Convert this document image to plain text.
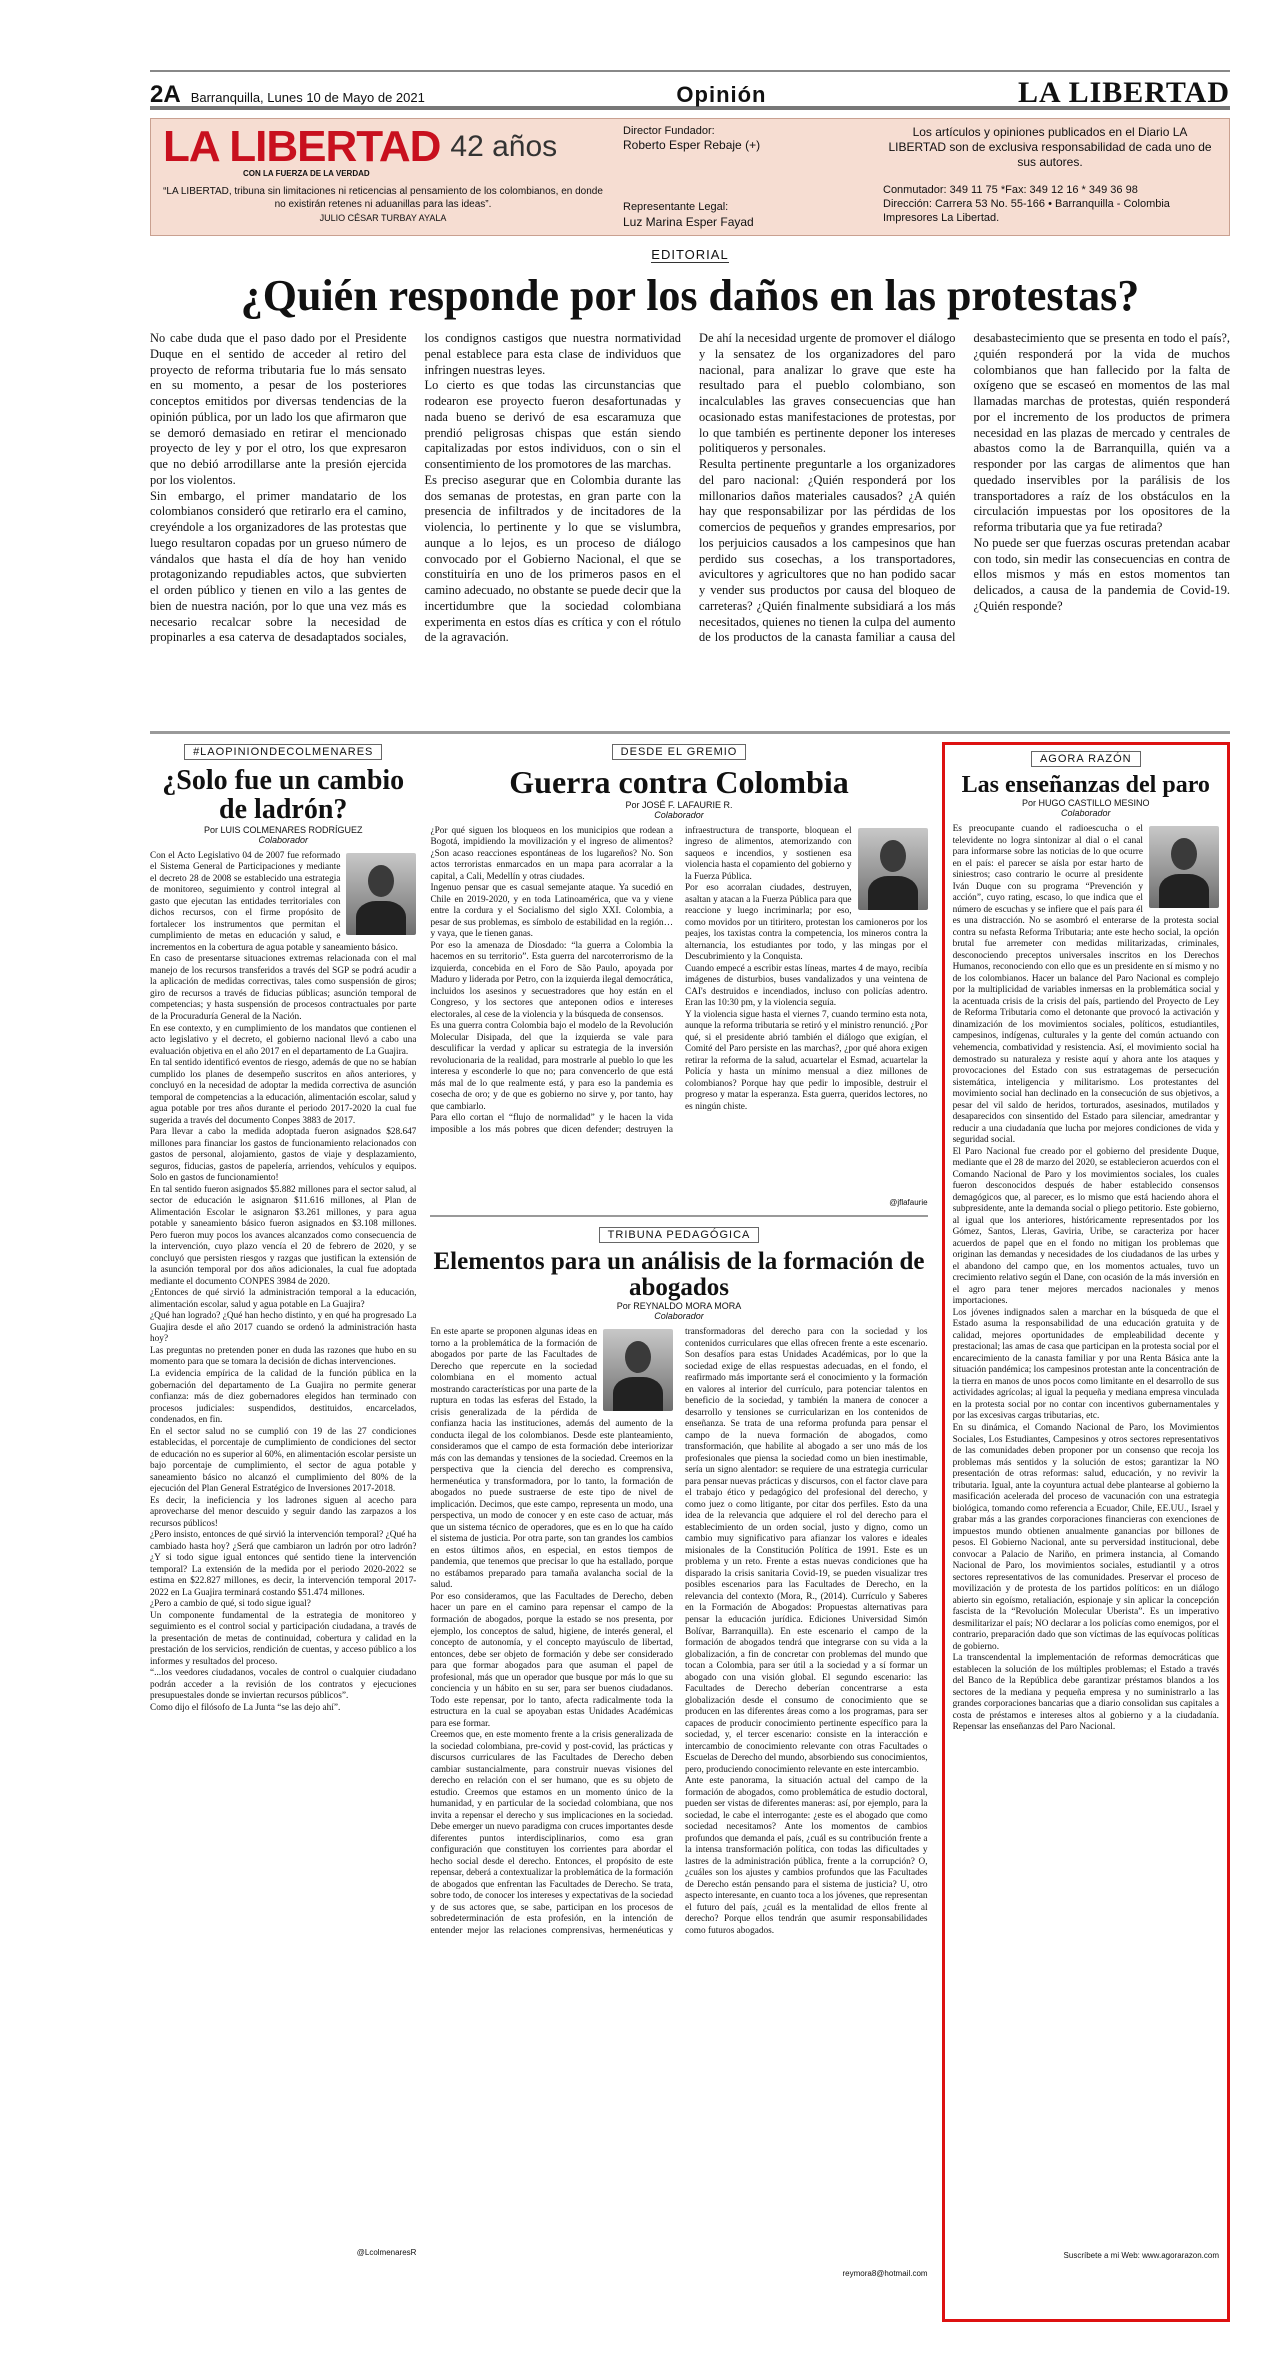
2A Barranquilla, Lunes 10 de Mayo de 2021	Opinión	LA LIBERTAD
LA LIBERTAD 42 años
CON LA FUERZA DE LA VERDAD
“LA LIBERTAD, tribuna sin limitaciones ni reticencias al pensamiento de los colombianos, en donde no existirán retenes ni aduanillas para las ideas”.
JULIO CÉSAR TURBAY AYALA
Director Fundador:
Roberto Esper Rebaje (+)
Representante Legal:
Luz Marina Esper Fayad
Los artículos y opiniones publicados en el Diario LA LIBERTAD son de exclusiva responsabilidad de cada uno de sus autores.
Conmutador: 349 11 75 *Fax: 349 12 16 * 349 36 98
Dirección: Carrera 53 No. 55-166 • Barranquilla - Colombia
Impresores La Libertad.
EDITORIAL
¿Quién responde por los daños en las protestas?

No cabe duda que el paso dado por el Presidente Duque en el sentido de acceder al retiro del proyecto de reforma tributaria fue lo más sensato en su momento, a pesar de los posteriores conceptos emitidos por diversas tendencias de la opinión pública, por un lado los que afirmaron que se demoró demasiado en retirar el mencionado proyecto de ley y por el otro, los que expresaron que no debió arrodillarse ante la presión ejercida por los violentos.

Sin embargo, el primer mandatario de los colombianos consideró que retirarlo era el camino, creyéndole a los organizadores de las protestas que luego resultaron copadas por un grueso número de vándalos que hasta el día de hoy han venido protagonizando repudiables actos, que subvierten el orden público y tienen en vilo a las gentes de bien de nuestra nación, por lo que una vez más es necesario recalcar sobre la necesidad de propinarles a esa caterva de desadaptados sociales, los condignos castigos que nuestra normatividad penal establece para esta clase de individuos que infringen nuestras leyes.

Lo cierto es que todas las circunstancias que rodearon ese proyecto fueron desafortunadas y nada bueno se derivó de esa escaramuza que prendió peligrosas chispas que están siendo capitalizadas por estos individuos, con o sin el consentimiento de los promotores de las marchas.

Es preciso asegurar que en Colombia durante las dos semanas de protestas, en gran parte con la presencia de infiltrados y de incitadores de la violencia, lo pertinente y lo que se vislumbra, aunque a lo lejos, es un proceso de diálogo convocado por el Gobierno Nacional, el que se constituiría en uno de los primeros pasos en el camino adecuado, no obstante se puede decir que la incertidumbre que la sociedad colombiana experimenta en estos días es crítica y con el rótulo de la agravación.

De ahí la necesidad urgente de promover el diálogo y la sensatez de los organizadores del paro nacional, para analizar lo grave que este ha resultado para el pueblo colombiano, son incalculables las graves consecuencias que han ocasionado estas manifestaciones de protestas, por lo que también es pertinente deponer los intereses politiqueros y personales.

Resulta pertinente preguntarle a los organizadores del paro nacional: ¿Quién responderá por los millonarios daños materiales causados? ¿A quién hay que responsabilizar por las pérdidas de los comercios de pequeños y grandes empresarios, por los perjuicios causados a los campesinos que han perdido sus cosechas, a los transportadores, avicultores y agricultores que no han podido sacar y vender sus productos por causa del bloqueo de carreteras? ¿Quién finalmente subsidiará a los más necesitados, quienes no tienen la culpa del aumento de los productos de la canasta familiar a causa del desabastecimiento que se presenta en todo el país?, ¿quién responderá por la vida de muchos colombianos que han fallecido por la falta de oxígeno que se escaseó en momentos de las mal llamadas marchas de protestas, quién responderá por el incremento de los productos de primera necesidad en las plazas de mercado y centrales de abastos como la de Barranquilla, quién va a responder por las cargas de alimentos que han quedado inservibles por la parálisis de los transportadores a raíz de los obstáculos en la circulación impuestas por los opositores de la reforma tributaria que ya fue retirada?

No puede ser que fuerzas oscuras pretendan acabar con todo, sin medir las consecuencias en contra de ellos mismos y más en estos momentos tan delicados, a causa de la pandemia de Covid-19. ¿Quién responde?

#LAOPINIONDECOLMENARES
¿Solo fue un cambio de ladrón?
Por LUIS COLMENARES RODRÍGUEZ
Colaborador

Con el Acto Legislativo 04 de 2007 fue reformado el Sistema General de Participaciones y mediante el decreto 28 de 2008 se establecido una estrategia de monitoreo, seguimiento y control integral al gasto que ejecutan las entidades territoriales con dichos recursos, con el firme propósito de fortalecer los instrumentos que permitan el cumplimiento de metas en educación y salud, e incrementos en la cobertura de agua potable y saneamiento básico.

En caso de presentarse situaciones extremas relacionada con el mal manejo de los recursos transferidos a través del SGP se podrá acudir a la aplicación de medidas correctivas, tales como suspensión de giros; giro de recursos a través de fiducias públicas; asunción temporal de competencias; y hasta suspensión de procesos contractuales por parte de la Procuraduría General de la Nación.

En ese contexto, y en cumplimiento de los mandatos que contienen el acto legislativo y el decreto, el gobierno nacional llevó a cabo una evaluación objetiva en el año 2017 en el departamento de La Guajira.

En tal sentido identificó eventos de riesgo, además de que no se habían cumplido los planes de desempeño suscritos en años anteriores, y concluyó en la necesidad de adoptar la medida correctiva de asunción temporal de competencias a la educación, alimentación escolar, salud y agua potable por tres años durante el periodo 2017-2020 la cual fue sugerida a través del documento Conpes 3883 de 2017.

Para llevar a cabo la medida adoptada fueron asignados $28.647 millones para financiar los gastos de funcionamiento relacionados con gastos de personal, alojamiento, gastos de viaje y desplazamiento, seguros, fiducias, gastos de papelería, arriendos, vehículos y equipos. Solo en gastos de funcionamiento!

En tal sentido fueron asignados $5.882 millones para el sector salud, al sector de educación le asignaron $11.616 millones, al Plan de Alimentación Escolar le asignaron $3.261 millones, y para agua potable y saneamiento básico fueron asignados en $3.108 millones. Pero fueron muy pocos los avances alcanzados como consecuencia de la intervención, cuyo plazo vencía el 20 de febrero de 2020, y se concluyó que persisten riesgos y razgas que justifican la extensión de la asunción temporal por dos años adicionales, la cual fue adoptada mediante el documento CONPES 3984 de 2020.

¿Entonces de qué sirvió la administración temporal a la educación, alimentación escolar, salud y agua potable en La Guajira?

¿Qué han logrado? ¿Qué han hecho distinto, y en qué ha progresado La Guajira desde el año 2017 cuando se ordenó la administración hasta hoy?

Las preguntas no pretenden poner en duda las razones que hubo en su momento para que se tomara la decisión de dichas intervenciones.

La evidencia empírica de la calidad de la función pública en la gobernación del departamento de La Guajira no permite generar confianza: más de diez gobernadores elegidos han terminado con procesos judiciales: suspendidos, destituidos, encarcelados, condenados, en fin.

En el sector salud no se cumplió con 19 de las 27 condiciones establecidas, el porcentaje de cumplimiento de condiciones del sector de educación no es superior al 60%, en alimentación escolar persiste un bajo porcentaje de cumplimiento, el sector de agua potable y saneamiento básico no alcanzó el cumplimiento del 80% de la ejecución del Plan General Estratégico de Inversiones 2017-2018.

Es decir, la ineficiencia y los ladrones siguen al acecho para aprovecharse del menor descuido y seguir dando las zarpazos a los recursos públicos!

¿Pero insisto, entonces de qué sirvió la intervención temporal? ¿Qué ha cambiado hasta hoy? ¿Será que cambiaron un ladrón por otro ladrón? ¿Y si todo sigue igual entonces qué sentido tiene la intervención temporal? La extensión de la medida por el periodo 2020-2022 se estima en $22.827 millones, es decir, la intervención temporal 2017-2022 en La Guajira terminará costando $51.474 millones.

¿Pero a cambio de qué, si todo sigue igual?

Un componente fundamental de la estrategia de monitoreo y seguimiento es el control social y participación ciudadana, a través de la presentación de metas de continuidad, cobertura y calidad en la prestación de los servicios, rendición de cuentas, y acceso público a los informes y resultados del proceso.

“...los veedores ciudadanos, vocales de control o cualquier ciudadano podrán acceder a la revisión de los contratos y ejecuciones presupuestales donde se inviertan recursos públicos”.

Como dijo el filósofo de La Junta “se las dejo ahí”.

@LcolmenaresR
DESDE EL GREMIO
Guerra contra Colombia
Por JOSÉ F. LAFAURIE R.
Colaborador

¿Por qué siguen los bloqueos en los municipios que rodean a Bogotá, impidiendo la movilización y el ingreso de alimentos? ¿Son acaso reacciones espontáneas de los lugareños? No. Son actos terroristas enmarcados en un mapa para acorralar a la capital, a Cali, Medellín y otras ciudades.

Ingenuo pensar que es casual semejante ataque. Ya sucedió en Chile en 2019-2020, y en toda Latinoamérica, que va y viene entre la cordura y el Socialismo del siglo XXI. Colombia, a pesar de sus problemas, es símbolo de estabilidad en la región… y vaya, que le tienen ganas.

Por eso la amenaza de Diosdado: “la guerra a Colombia la hacemos en su territorio”. Esta guerra del narcoterrorismo de la izquierda, concebida en el Foro de São Paulo, apoyada por Maduro y liderada por Petro, con la izquierda ilegal democrática, incluidos los asesinos y secuestradores que hoy están en el Congreso, y los sectores que anteponen odios e intereses electorales, al cese de la violencia y la búsqueda de consensos.

Es una guerra contra Colombia bajo el modelo de la Revolución Molecular Disipada, del que la izquierda se vale para desculificar la verdad y aplicar su estrategia de la inversión revolucionaria de la realidad, para mostrarle al pueblo lo que les interesa y esconderle lo que no; para convencerlo de que está más mal de lo que realmente está, y para eso la pandemia es cosecha de oro; y de que es gobierno no sirve y, por tanto, hay que cambiarlo.

Para ello cortan el “flujo de normalidad” y le hacen la vida imposible a los más pobres que dicen defender; destruyen la infraestructura de transporte, bloquean el ingreso de alimentos, atemorizando con saqueos e incendios, y sostienen esa violencia hasta el copamiento del gobierno y la Fuerza Pública.

Por eso acorralan ciudades, destruyen, asaltan y atacan a la Fuerza Pública para que reaccione y luego incriminarla; por eso, como movidos por un titiritero, protestan los camioneros por los peajes, los taxistas contra la competencia, los mineros contra la alternancia, los estudiantes por todo, y las mingas por el Descubrimiento y la Conquista.

Cuando empecé a escribir estas líneas, martes 4 de mayo, recibía imágenes de disturbios, buses vandalizados y una veintena de CAI's destruidos e incendiados, incluso con policías adentro. Eran las 10:30 pm, y la violencia seguía.

Y la violencia sigue hasta el viernes 7, cuando termino esta nota, aunque la reforma tributaria se retiró y el ministro renunció. ¿Por qué, si el presidente abrió también el diálogo que exigían, el Comité del Paro persiste en las marchas?, ¿por qué ahora exigen retirar la reforma de la salud, acuartelar el Esmad, acuartelar la Policía y hasta un mínimo mensual a diez millones de colombianos? Porque hay que pedir lo imposible, destruir el progreso y matar la esperanza. Esta guerra, queridos lectores, no es ningún chiste.

@jflafaurie
TRIBUNA PEDAGÓGICA
Elementos para un análisis de la formación de abogados
Por REYNALDO MORA MORA
Colaborador

En este aparte se proponen algunas ideas en torno a la problemática de la formación de abogados por parte de las Facultades de Derecho que repercute en la sociedad colombiana en el momento actual mostrando características por una parte de la ruptura en todas las esferas del Estado, la crisis generalizada de la pérdida de confianza hacia las instituciones, además del aumento de la conducta ilegal de los colombianos. Desde este planteamiento, consideramos que el campo de esta formación debe interiorizar más con las demandas y tensiones de la sociedad. Creemos en la perspectiva que la ciencia del derecho es comprensiva, hermenéutica y transformadora, por lo tanto, la formación de abogados no puede sustraerse de este tipo de nivel de implicación. Decimos, que este campo, representa un modo, una perspectiva, un modo de conocer y en este caso de actuar, más que un sistema técnico de operadores, que es en lo que ha caído el sistema de justicia. Por otra parte, son tan grandes los cambios en estos últimos años, en especial, en estos tiempos de pandemia, que tenemos que precisar lo que ha estallado, porque no estábamos preparado para tamaña avalancha social de la salud.

Por eso consideramos, que las Facultades de Derecho, deben hacer un pare en el camino para repensar el campo de la formación de abogados, porque la estado se nos presenta, por ejemplo, los conceptos de salud, higiene, de interés general, el concepto de autonomía, y el concepto mayúsculo de libertad, entonces, debe ser objeto de formación y debe ser considerado para que formar abogados para que asuman el papel de profesional, más que un operador que busque por más lo que su conciencia y un hábito en su ser, para ser buenos ciudadanos. Todo este repensar, por lo tanto, afecta radicalmente toda la estructura en la cual se apoyaban estas Unidades Académicas para ese formar.

Creemos que, en este momento frente a la crisis generalizada de la sociedad colombiana, pre-covid y post-covid, las prácticas y discursos curriculares de las Facultades de Derecho deben cambiar sustancialmente, para construir nuevas visiones del derecho en relación con el ser humano, que es su objeto de estudio. Creemos que estamos en un momento único de la humanidad, y en particular de la sociedad colombiana, que nos invita a repensar el derecho y sus implicaciones en la sociedad. Debe emerger un nuevo paradigma con cruces importantes desde diferentes puntos interdisciplinarios, como esa gran configuración que constituyen los corrientes para abordar el hecho social desde el derecho. Entonces, el propósito de este repensar, deberá a contextualizar la problemática de la formación de abogados que enfrentan las Facultades de Derecho. Se trata, sobre todo, de conocer los intereses y expectativas de la sociedad y de sus actores que, se sabe, participan en los procesos de sobredeterminación de esta profesión, en la intención de entender mejor las relaciones comprensivas, hermenéuticas y transformadoras del derecho para con la sociedad y los contenidos curriculares que ellas ofrecen frente a este escenario. Son desafíos para estas Unidades Académicas, por lo que la sociedad exige de ellas respuestas adecuadas, en el fondo, el reafirmado más importante será el conocimiento y la formación en valores al interior del currículo, para potenciar talentos en beneficio de la sociedad, y también la manera de conocer a desarrollo y tensiones se curricularizan en los contenidos de enseñanza. Se trata de una reforma profunda para pensar el campo de la nueva formación de abogados, como transformación, que habilite al abogado a ser uno más de los profesionales que piensa la sociedad como un bien inestimable, sería un signo alentador: se requiere de una estrategia curricular para pensar nuevas prácticas y discursos, con el factor clave para el trabajo ético y pedagógico del profesional del derecho, y como juez o como litigante, por citar dos perfiles. Esto da una idea de la relevancia que adquiere el rol del derecho para el establecimiento de un orden social, justo y digno, como un cambio muy significativo para afianzar los valores e ideales misionales de la Constitución Política de 1991. Este es un problema y un reto. Frente a estas nuevas condiciones que ha disparado la crisis sanitaria Covid-19, se pueden visualizar tres posibles escenarios para las Facultades de Derecho, en la relevancia del contexto (Mora, R., (2014). Currículo y Saberes en la Formación de Abogados: Propuestas alternativas para pensar la educación jurídica. Ediciones Universidad Simón Bolívar, Barranquilla). En este escenario el campo de la formación de abogados tendrá que integrarse con su vida a la globalización, a fin de concretar con problemas del mundo que tocan a Colombia, para ser útil a la sociedad y a sí formar un abogado con una visión global. El segundo escenario: las Facultades de Derecho deberían concentrarse a esta globalización desde el consumo de conocimiento que se producen en las diferentes áreas como a los programas, para ser capaces de producir conocimiento pertinente específico para la sociedad, y, el tercer escenario: consiste en la interacción e intercambio de conocimiento relevante con otras Facultades o Escuelas de Derecho del mundo, absorbiendo sus conocimientos, pero, produciendo conocimiento relevante en este intercambio.

Ante este panorama, la situación actual del campo de la formación de abogados, como problemática de estudio doctoral, pueden ser vistas de diferentes maneras: así, por ejemplo, para la sociedad, le cabe el interrogante: ¿este es el abogado que como sociedad necesitamos? Ante los momentos de cambios profundos que demanda el país, ¿cuál es su contribución frente a la intensa transformación política, con todas las dificultades y lastres de la administración pública, frente a la corrupción? O, ¿cuáles son los ajustes y cambios profundos que las Facultades de Derecho están pensando para el sistema de justicia? U, otro aspecto interesante, en cuanto toca a los jóvenes, que representan el futuro del país, ¿cuál es la mentalidad de ellos frente al derecho? Porque ellos tendrán que asumir responsabilidades como futuros abogados.

reymora8@hotmail.com
AGORA RAZÓN
Las enseñanzas del paro
Por HUGO CASTILLO MESINO
Colaborador

Es preocupante cuando el radioescucha o el televidente no logra sintonizar al dial o el canal para informarse sobre las noticias de lo que ocurre en el país: el parecer se aísla por estar harto de siniestros; caso contrario le ocurre al presidente Iván Duque con su programa “Prevención y acción”, cuyo rating, escaso, lo que indica que el número de escuchas y se infiere que el país para él es una distracción. No se asombró el enterarse de la protesta social contra su nefasta Reforma Tributaria; ante este hecho social, la opción brutal fue arremeter con medidas militarizadas, criminales, desconociendo preceptos universales inscritos en los Derechos Humanos, reconociendo con ello que es un presidente en sí mismo y no de los colombianos. Hacer un balance del Paro Nacional es complejo por la multiplicidad de variables inmersas en la problemática social y la acentuada crisis de la crisis del país, partiendo del Proyecto de Ley de Reforma Tributaria como el detonante que provocó la activación y dinamización de los movimientos sociales, políticos, estudiantiles, campesinos, indígenas, culturales y la gente del común actuando con vehemencia, combatividad y resistencia. Así, el movimiento social ha demostrado su naturaleza y resiste aquí y ahora ante los ataques y provocaciones del Estado con sus estratagemas de persecución sistemática, inteligencia y militarismo. Los protestantes del movimiento social han declinado en la consecución de sus objetivos, a pesar del vil saldo de heridos, torturados, asesinados, mutilados y desaparecidos con sinsentido del Estado para silenciar, amedrantar y reducir a una ciudadanía que lucha por mejores condiciones de vida y seguridad social.

El Paro Nacional fue creado por el gobierno del presidente Duque, mediante que el 28 de marzo del 2020, se establecieron acuerdos con el Comando Nacional de Paro y los movimientos sociales, los cuales fueron desconocidos después de haber establecido consensos demagógicos que, al parecer, es lo mismo que está haciendo ahora el subpresidente, ante la demanda social o pliego petitorio. Este gobierno, al igual que los anteriores, históricamente representados por los Gómez, Santos, Lleras, Gaviria, Uribe, se caracteriza por hacer acuerdos de papel que en el fondo no mitigan los problemas que originan las demandas y necesidades de los ciudadanos de las urbes y el abandono del campo que, en los momentos actuales, tuvo un crecimiento relativo según el Dane, con ocasión de la más inversión en el agro para tener mejores mercados nacionales y menos importaciones.

Los jóvenes indignados salen a marchar en la búsqueda de que el Estado asuma la responsabilidad de una educación gratuita y de calidad, mejores oportunidades de empleabilidad decente y prestacional; las amas de casa que participan en la protesta social por el encarecimiento de la canasta familiar y por una Renta Básica ante la situación pandémica; los campesinos protestan ante la concentración de la tierra en manos de unos pocos como limitante en el desarrollo de sus actividades agrícolas; al igual la pequeña y mediana empresa vinculada en la protesta social por no contar con incentivos gubernamentales y por las excesivas cargas tributarias, etc.

En su dinámica, el Comando Nacional de Paro, los Movimientos Sociales, Los Estudiantes, Campesinos y otros sectores representativos de las comunidades deben proponer por un consenso que recoja los problemas más sentidos y la solución de estos; garantizar la NO presentación de otras reformas: salud, educación, y no revivir la tributaria. Igual, ante la coyuntura actual debe plantearse al gobierno la masificación acelerada del proceso de vacunación con una estrategia biológica, tomando como referencia a Ecuador, Chile, EE.UU., Israel y grabar más a las grandes corporaciones financieras con exenciones de impuestos mundo obtienen anualmente ganancias por billones de pesos. El Gobierno Nacional, ante su perversidad institucional, debe convocar a Palacio de Nariño, en primera instancia, al Comando Nacional de Paro, los movimientos sociales, estudiantil y a otros sectores representativos de las comunidades. Preservar el proceso de movilización y de protesta de los partidos políticos: en un diálogo abierto sin egoísmo, retaliación, espionaje y sin aplicar la concepción fascista de la “Revolución Molecular Uberista”. Es un imperativo desmilitarizar el país; NO declarar a los policías como enemigos, por el contrario, preparación dado que son víctimas de las equívocas políticas de gobierno.

La transcendental la implementación de reformas democráticas que establecen la solución de los múltiples problemas; el Estado a través del Banco de la República debe garantizar préstamos blandos a los sectores de la mediana y pequeña empresa y no suministrarlo a las grandes corporaciones bancarias que a diario consolidan sus capitales a costa de préstamos e intereses altos al gobierno y a la ciudadanía. Repensar las enseñanzas del Paro Nacional.

Suscríbete a mi Web: www.agorarazon.com
